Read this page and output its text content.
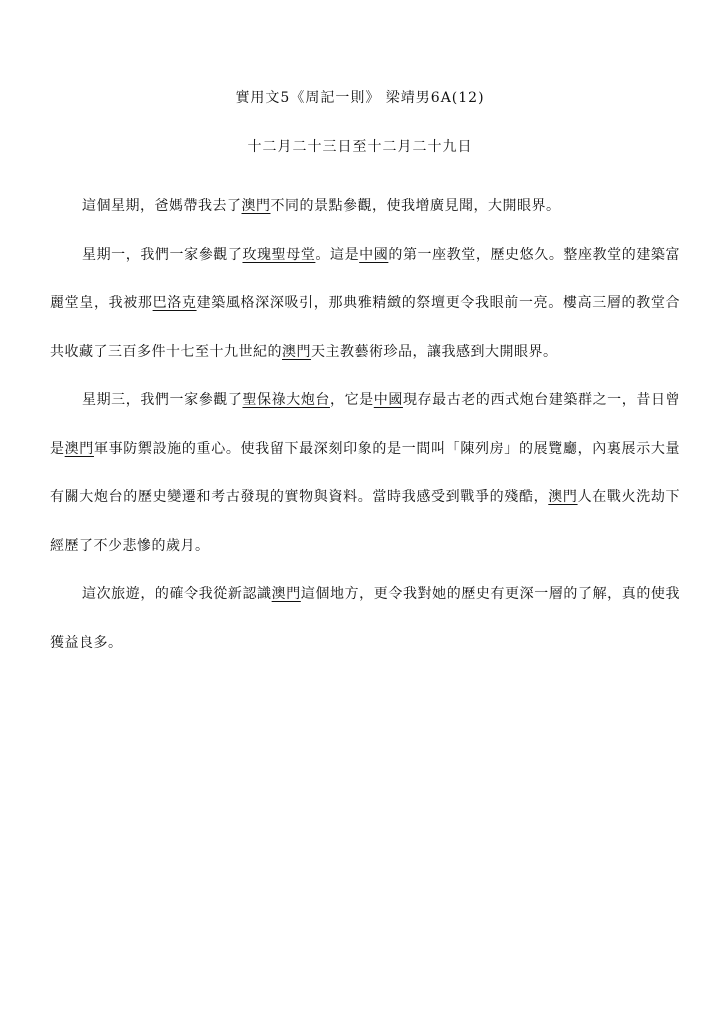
實用文5《周記一則》 梁靖男6A(12)
十二月二十三日至十二月二十九日

這個星期，爸媽帶我去了澳門不同的景點參觀，使我增廣見聞，大開眼界。

星期一，我們一家參觀了玫瑰聖母堂。這是中國的第一座教堂，歷史悠久。整座教堂的建築富麗堂皇，我被那巴洛克建築風格深深吸引，那典雅精緻的祭壇更令我眼前一亮。樓高三層的教堂合共收藏了三百多件十七至十九世紀的澳門天主教藝術珍品，讓我感到大開眼界。

星期三，我們一家參觀了聖保祿大炮台，它是中國現存最古老的西式炮台建築群之一，昔日曾是澳門軍事防禦設施的重心。使我留下最深刻印象的是一間叫「陳列房」的展覽廳，內裏展示大量有關大炮台的歷史變遷和考古發現的實物與資料。當時我感受到戰爭的殘酷，澳門人在戰火洗劫下經歷了不少悲慘的歲月。

這次旅遊，的確令我從新認識澳門這個地方，更令我對她的歷史有更深一層的了解，真的使我獲益良多。
